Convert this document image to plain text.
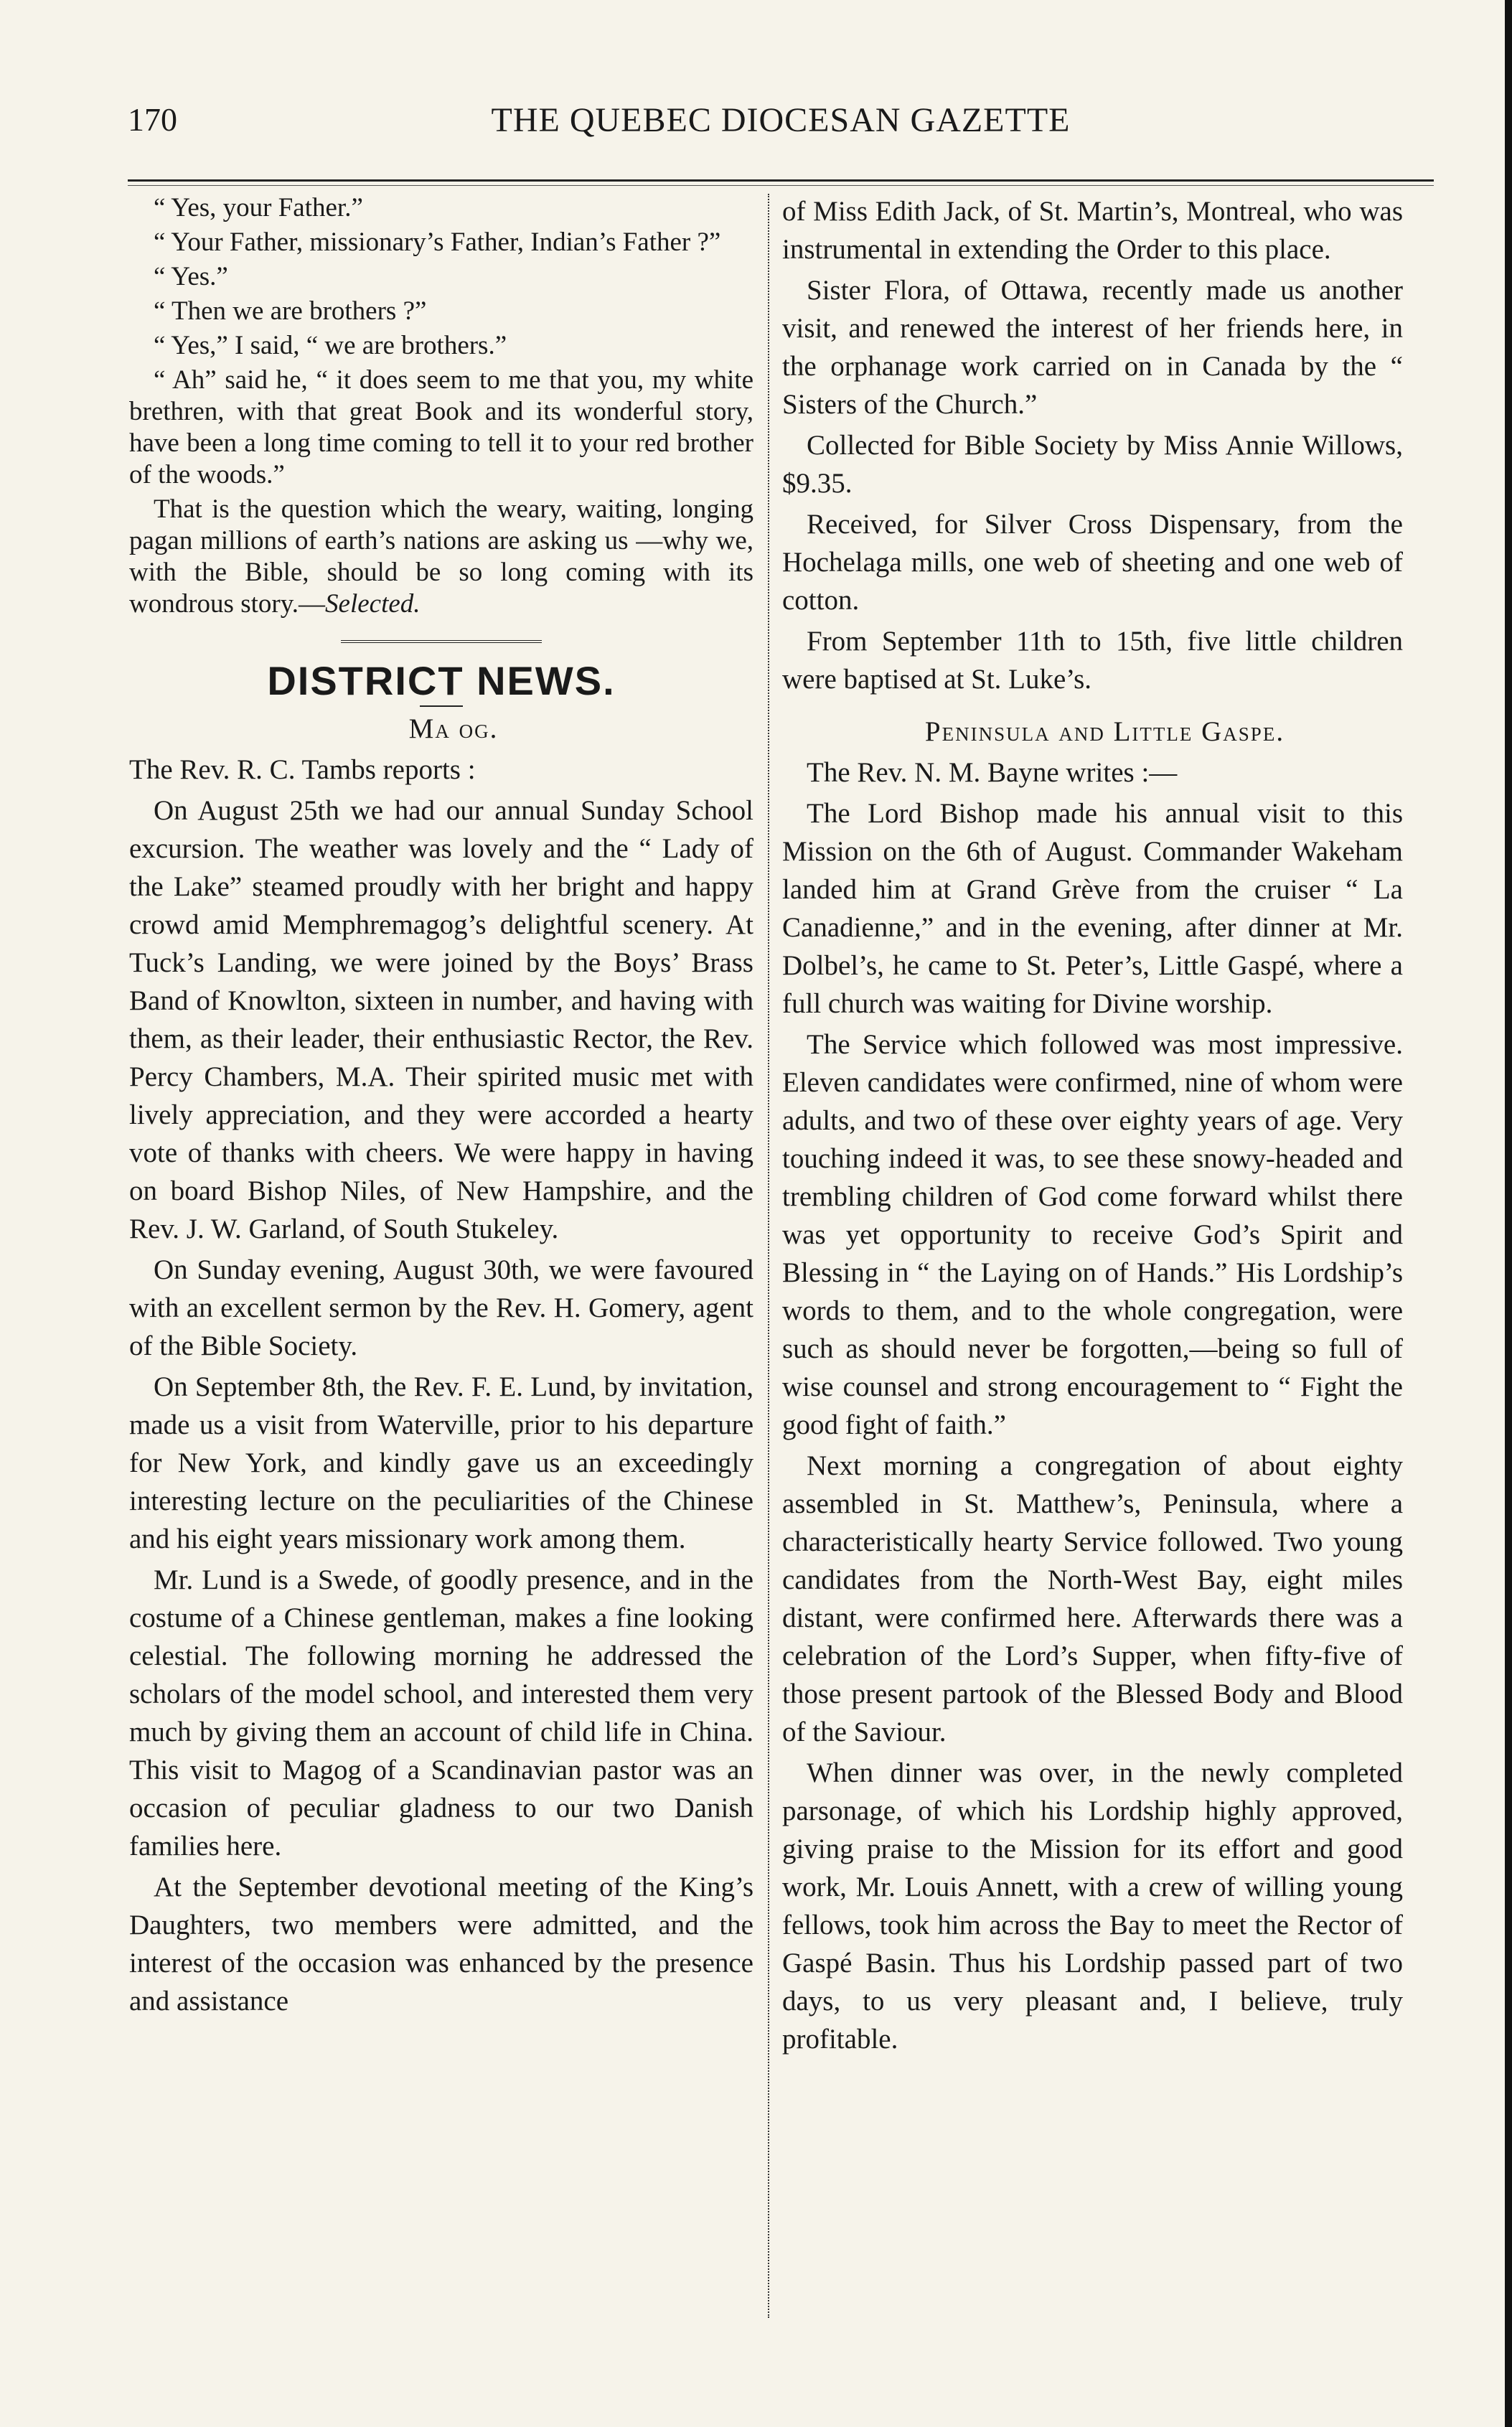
170	THE QUEBEC DIOCESAN GAZETTE

“ Yes, your Father.”

“ Your Father, missionary’s Father, Indian’s Father ?”

“ Yes.”

“ Then we are brothers ?”

“ Yes,” I said, “ we are brothers.”

“ Ah” said he, “ it does seem to me that you, my white brethren, with that great Book and its wonderful story, have been a long time coming to tell it to your red brother of the woods.”

That is the question which the weary, waiting, longing pagan millions of earth’s nations are asking us —why we, with the Bible, should be so long coming with its wondrous story.—Selected.

DISTRICT NEWS.

Ma og.

The Rev. R. C. Tambs reports :

On August 25th we had our annual Sunday School excursion. The weather was lovely and the “ Lady of the Lake” steamed proudly with her bright and happy crowd amid Memphremagog’s delightful scenery. At Tuck’s Landing, we were joined by the Boys’ Brass Band of Knowlton, sixteen in number, and having with them, as their leader, their enthusiastic Rector, the Rev. Percy Chambers, M.A. Their spirited music met with lively appreciation, and they were accorded a hearty vote of thanks with cheers. We were happy in having on board Bishop Niles, of New Hampshire, and the Rev. J. W. Garland, of South Stukeley.

On Sunday evening, August 30th, we were favoured with an excellent sermon by the Rev. H. Gomery, agent of the Bible Society.

On September 8th, the Rev. F. E. Lund, by invitation, made us a visit from Waterville, prior to his departure for New York, and kindly gave us an exceedingly interesting lecture on the peculiarities of the Chinese and his eight years missionary work among them.

Mr. Lund is a Swede, of goodly presence, and in the costume of a Chinese gentleman, makes a fine looking celestial. The following morning he addressed the scholars of the model school, and interested them very much by giving them an account of child life in China. This visit to Magog of a Scandinavian pastor was an occasion of peculiar gladness to our two Danish families here.

At the September devotional meeting of the King’s Daughters, two members were admitted, and the interest of the occasion was enhanced by the presence and assistance

of Miss Edith Jack, of St. Martin’s, Montreal, who was instrumental in extending the Order to this place.

Sister Flora, of Ottawa, recently made us another visit, and renewed the interest of her friends here, in the orphanage work carried on in Canada by the “ Sisters of the Church.”

Collected for Bible Society by Miss Annie Willows, $9.35.

Received, for Silver Cross Dispensary, from the Hochelaga mills, one web of sheeting and one web of cotton.

From September 11th to 15th, five little children were baptised at St. Luke’s.

Peninsula and Little Gaspe.

The Rev. N. M. Bayne writes :—

The Lord Bishop made his annual visit to this Mission on the 6th of August. Commander Wakeham landed him at Grand Grève from the cruiser “ La Canadienne,” and in the evening, after dinner at Mr. Dolbel’s, he came to St. Peter’s, Little Gaspé, where a full church was waiting for Divine worship.

The Service which followed was most impressive. Eleven candidates were confirmed, nine of whom were adults, and two of these over eighty years of age. Very touching indeed it was, to see these snowy-headed and trembling children of God come forward whilst there was yet opportunity to receive God’s Spirit and Blessing in “ the Laying on of Hands.” His Lordship’s words to them, and to the whole congregation, were such as should never be forgotten,—being so full of wise counsel and strong encouragement to “ Fight the good fight of faith.”

Next morning a congregation of about eighty assembled in St. Matthew’s, Peninsula, where a characteristically hearty Service followed. Two young candidates from the North-West Bay, eight miles distant, were confirmed here. Afterwards there was a celebration of the Lord’s Supper, when fifty-five of those present partook of the Blessed Body and Blood of the Saviour.

When dinner was over, in the newly completed parsonage, of which his Lordship highly approved, giving praise to the Mission for its effort and good work, Mr. Louis Annett, with a crew of willing young fellows, took him across the Bay to meet the Rector of Gaspé Basin. Thus his Lordship passed part of two days, to us very pleasant and, I believe, truly profitable.
